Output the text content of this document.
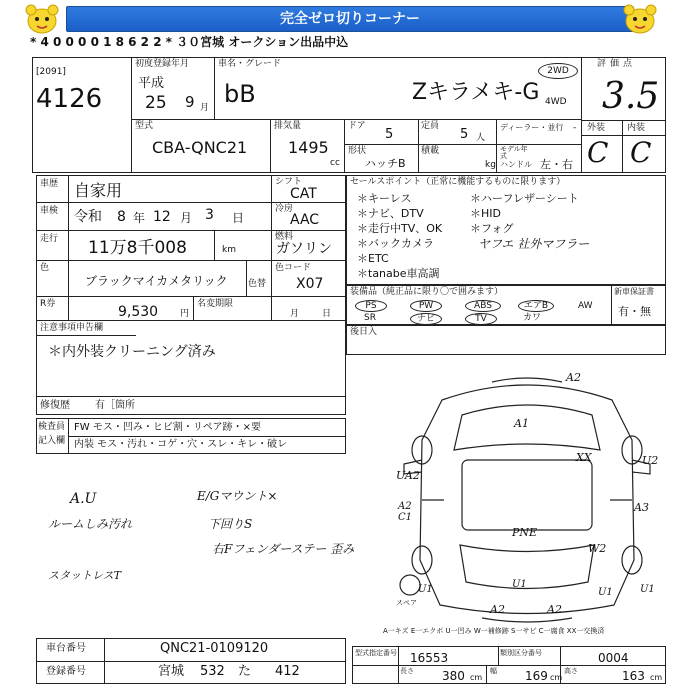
完全ゼロ切りコーナー
* 4 0 0 0 0 1 8 6 2 2 * ３０宮城 オークション出品中込
[2091]
4126
初度登録年月
平成
25 9 月
車名・グレード
bB	Zキラメキ-G
2WD
4WD
評価点
3.5
外装 内装
C C
型式
CBA-QNC21
排気量
1495
cc
ドア
5
定員
5 人
ディーラー・並行 -
形状
ハッチB
積載
kg
モデル年式
ハンドル 左・右
車歴 自家用	シフト
CAT
車検 令和 8 年 12 月 3 日
冷房
AAC
走行 11万8千008	km
燃料
ガソリン
色
ブラックマイカメタリック 色替
色コード
X07
R券	9,530 円
名変期限
月	日
注意事項申告欄
＊内外装クリーニング済み
修復歴	有［箇所
セールスポイント（正常に機能するものに限ります）
＊キーレス
＊ナビ、DTV
＊走行中TV、OK
＊バックカメラ
＊ETC
＊tanabe車高調
＊ハーフレザーシート
＊HID
＊フォグ
ヤフエ 社外マフラー
装備品（純正品に限り〇で囲みます）
PS	PW	ABS	エアB	AW
SR	ナビ	TV	カワ
新車保証書
有・無
後日入
検査員
記入欄
FW モス・凹み・ヒビ割・リペア跡・×要
内装 モス・汚れ・コゲ・穴・スレ・キレ・破レ
A.U
ルームしみ汚れ
スタットレスT
E/Gマウント×
下回りS
右Fフェンダーステー 歪み
A2
A1
XX	U2
UA2
A2
C1
A3
PNE
W2
U1	U1
A2
U1
A2
U1
スペア
A一キズ E一エクボ U一凹み W一補修跡 S一サビ C一腐食 XX一交換済
車台番号	QNC21-0109120
登録番号	宮城 532 た 412
型式指定番号 16553	類別区分番号	0004
長さ 380 cm
幅 169 cm
高さ	163 cm
